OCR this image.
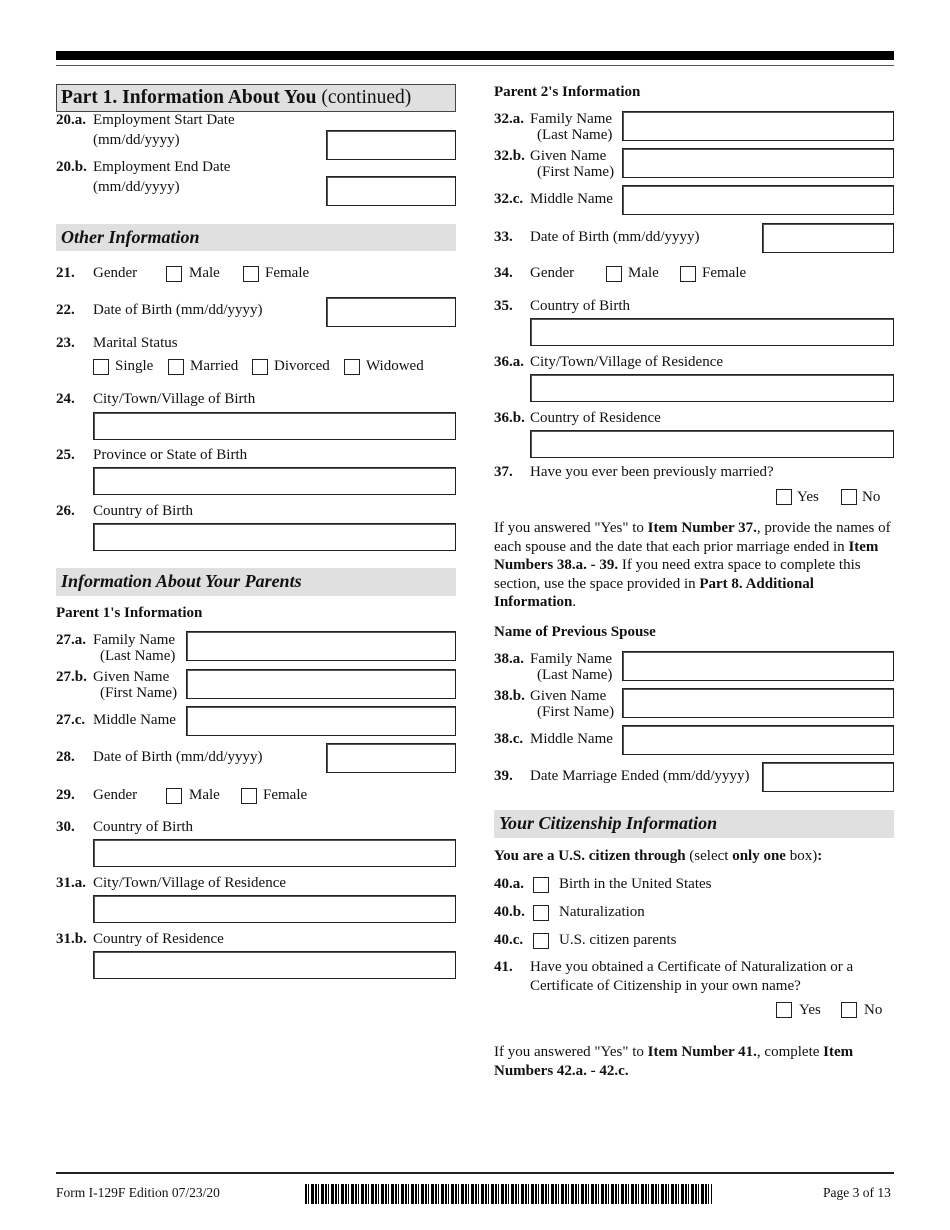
Part 1. Information About You (continued)
20.a. Employment Start Date
(mm/dd/yyyy)
20.b. Employment End Date
(mm/dd/yyyy)
Other Information
21. Gender	Male	Female
22. Date of Birth (mm/dd/yyyy)
23. Marital Status
Single Married Divorced Widowed
24. City/Town/Village of Birth
25. Province or State of Birth
26. Country of Birth
Information About Your Parents
Parent 1's Information
27.a. Family Name
(Last Name)
27.b. Given Name
(First Name)
27.c. Middle Name
28. Date of Birth (mm/dd/yyyy)
29. Gender	Male	Female
30. Country of Birth
31.a. City/Town/Village of Residence
31.b. Country of Residence
Parent 2's Information
32.a. Family Name
(Last Name)
32.b. Given Name
(First Name)
32.c. Middle Name
33. Date of Birth (mm/dd/yyyy)
34. Gender	Male	Female
35. Country of Birth
36.a. City/Town/Village of Residence
36.b. Country of Residence
37. Have you ever been previously married?
Yes	No
If you answered "Yes" to Item Number 37., provide the names of each spouse and the date that each prior marriage ended in Item Numbers 38.a. - 39. If you need extra space to complete this section, use the space provided in Part 8. Additional Information.
Name of Previous Spouse
38.a. Family Name
(Last Name)
38.b. Given Name
(First Name)
38.c. Middle Name
39. Date Marriage Ended (mm/dd/yyyy)
Your Citizenship Information
You are a U.S. citizen through (select only one box):
40.a. Birth in the United States
40.b. Naturalization
40.c. U.S. citizen parents
41. Have you obtained a Certificate of Naturalization or a
Certificate of Citizenship in your own name?
Yes	No
If you answered "Yes" to Item Number 41., complete Item Numbers 42.a. - 42.c.
Form I-129F Edition 07/23/20	Page 3 of 13
